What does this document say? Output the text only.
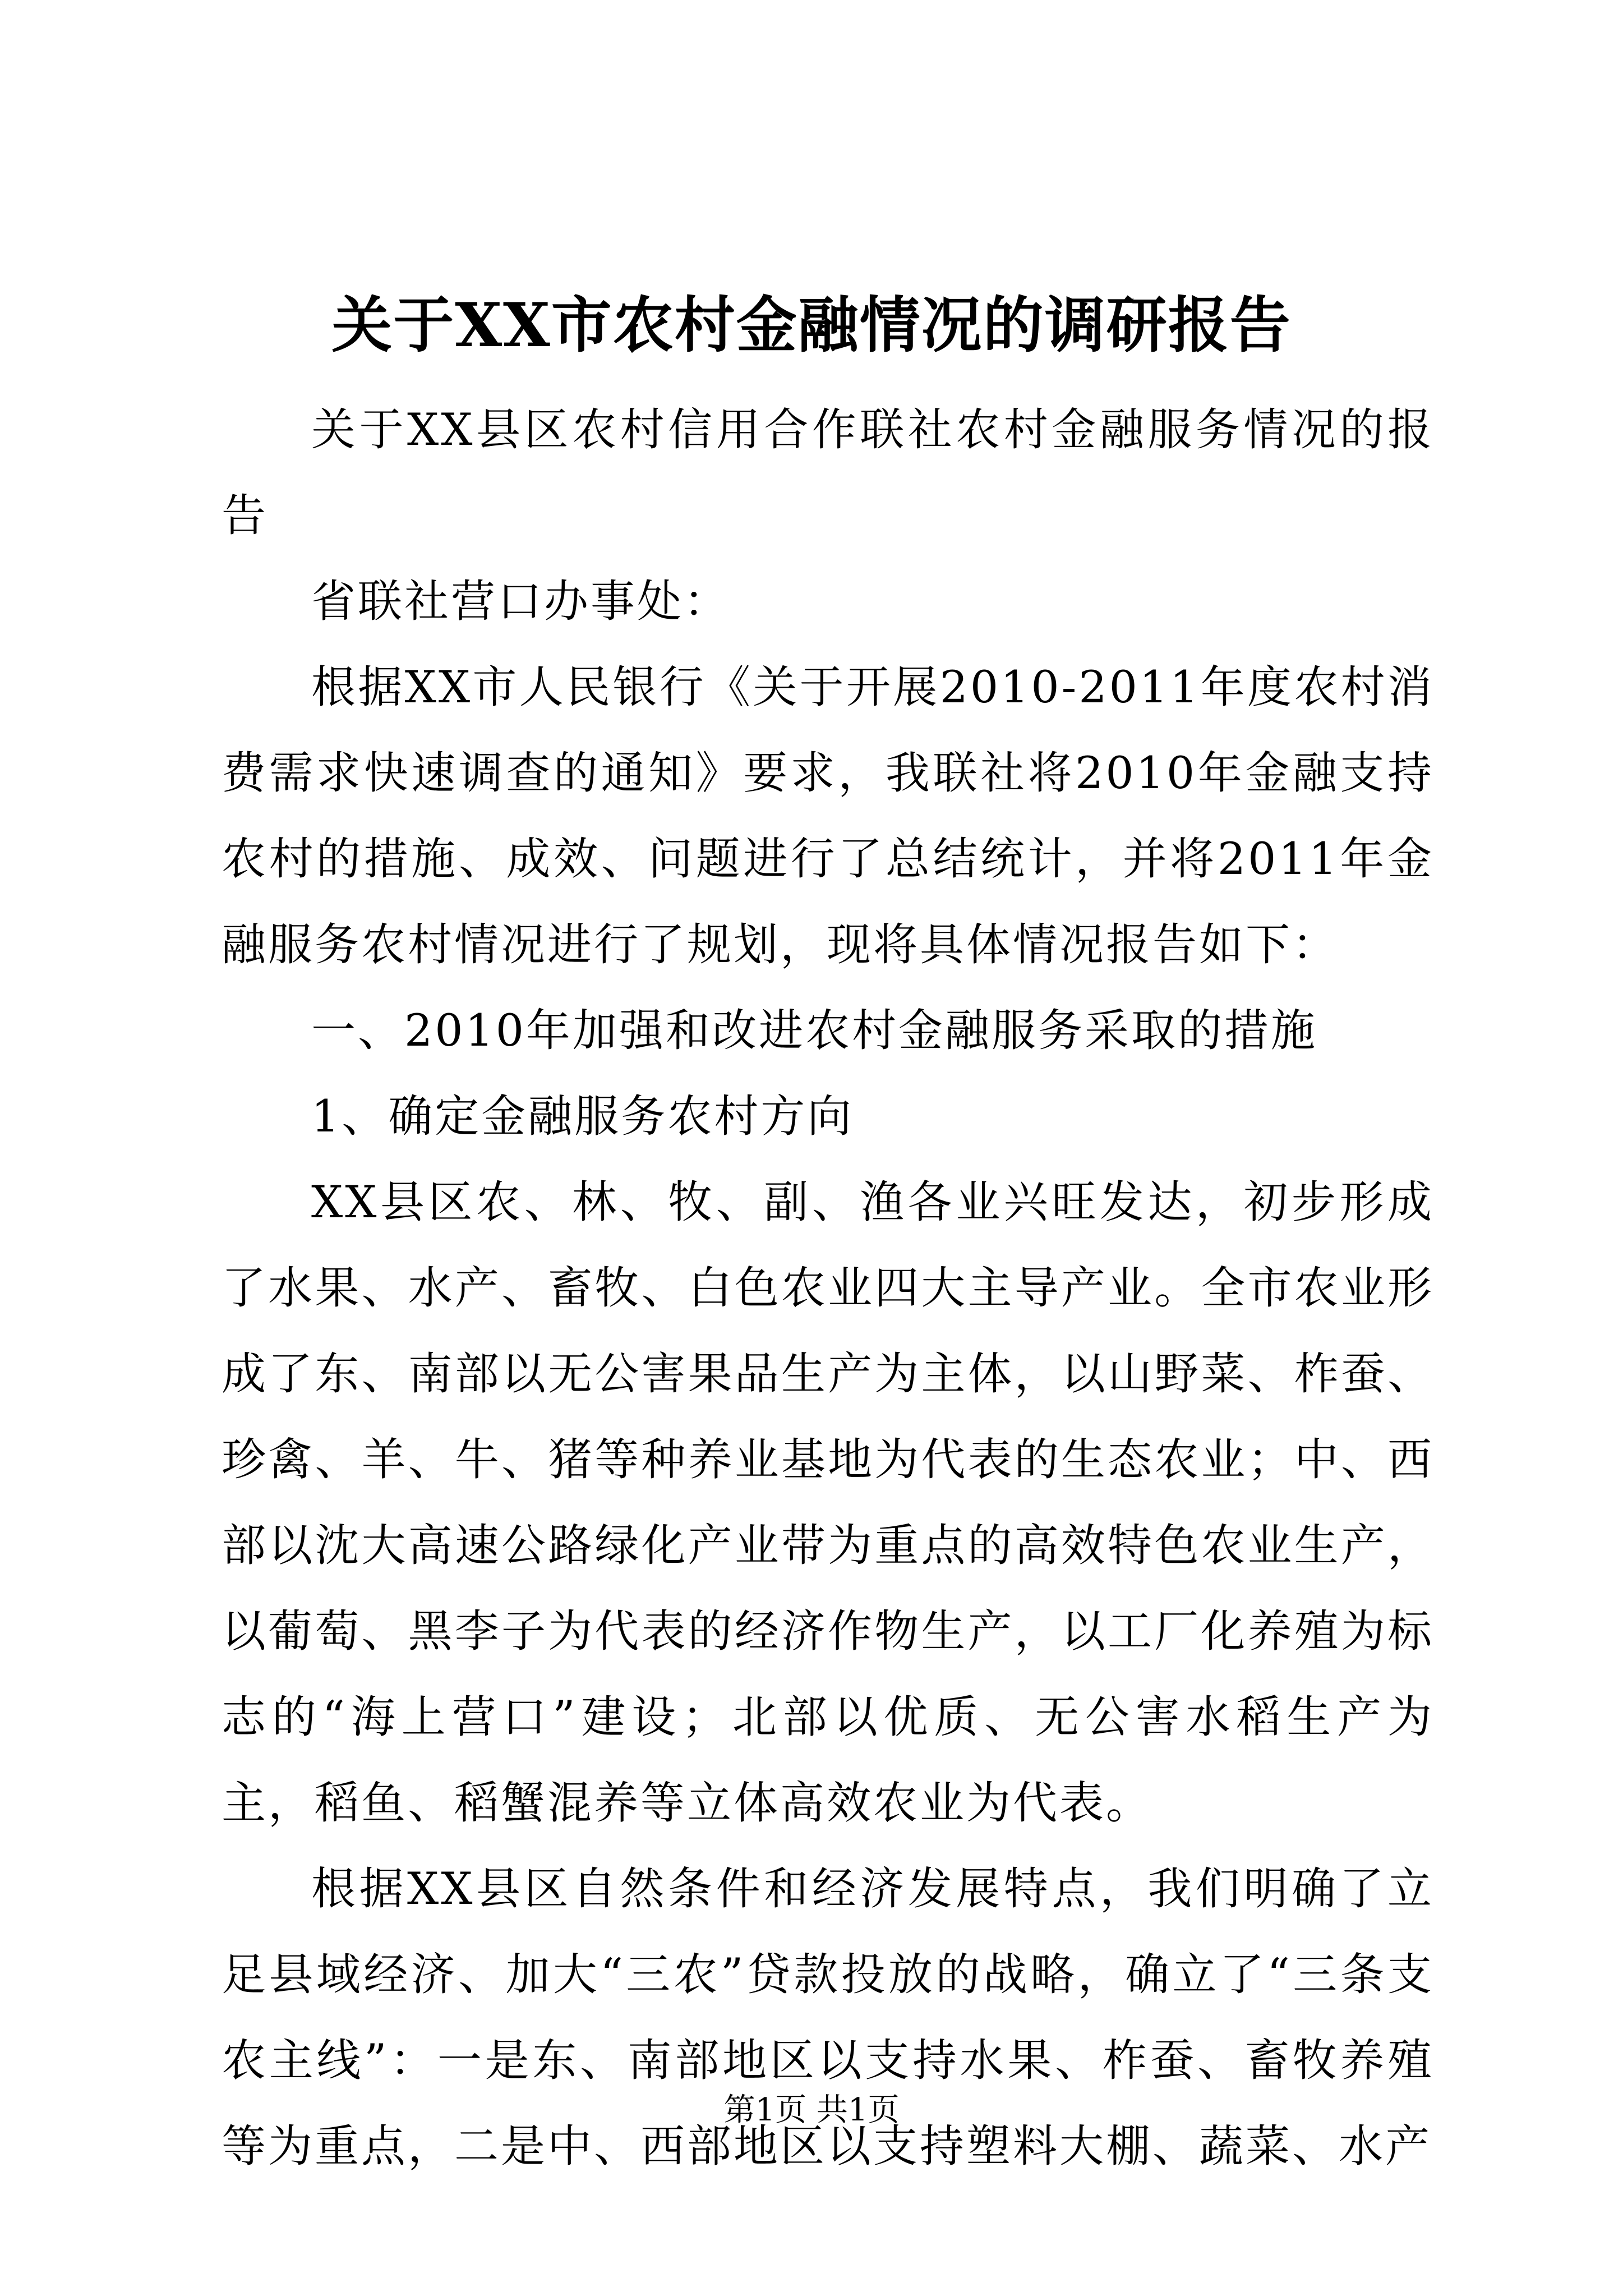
关于XX市农村金融情况的调研报告

关于XX县区农村信用合作联社农村金融服务情况的报告

省联社营口办事处：

根据XX市人民银行《关于开展2010-2011年度农村消费需求快速调查的通知》要求，我联社将2010年金融支持农村的措施、成效、问题进行了总结统计，并将2011年金融服务农村情况进行了规划，现将具体情况报告如下：

一、2010年加强和改进农村金融服务采取的措施

1、确定金融服务农村方向

XX县区农、林、牧、副、渔各业兴旺发达，初步形成了水果、水产、畜牧、白色农业四大主导产业。全市农业形成了东、南部以无公害果品生产为主体，以山野菜、柞蚕、珍禽、羊、牛、猪等种养业基地为代表的生态农业；中、西部以沈大高速公路绿化产业带为重点的高效特色农业生产，以葡萄、黑李子为代表的经济作物生产，以工厂化养殖为标志的“海上营口”建设；北部以优质、无公害水稻生产为主，稻鱼、稻蟹混养等立体高效农业为代表。

根据XX县区自然条件和经济发展特点，我们明确了立足县域经济、加大“三农”贷款投放的战略，确立了“三条支农主线”：一是东、南部地区以支持水果、柞蚕、畜牧养殖等为重点，二是中、西部地区以支持塑料大棚、蔬菜、水产

第1页 共1页
